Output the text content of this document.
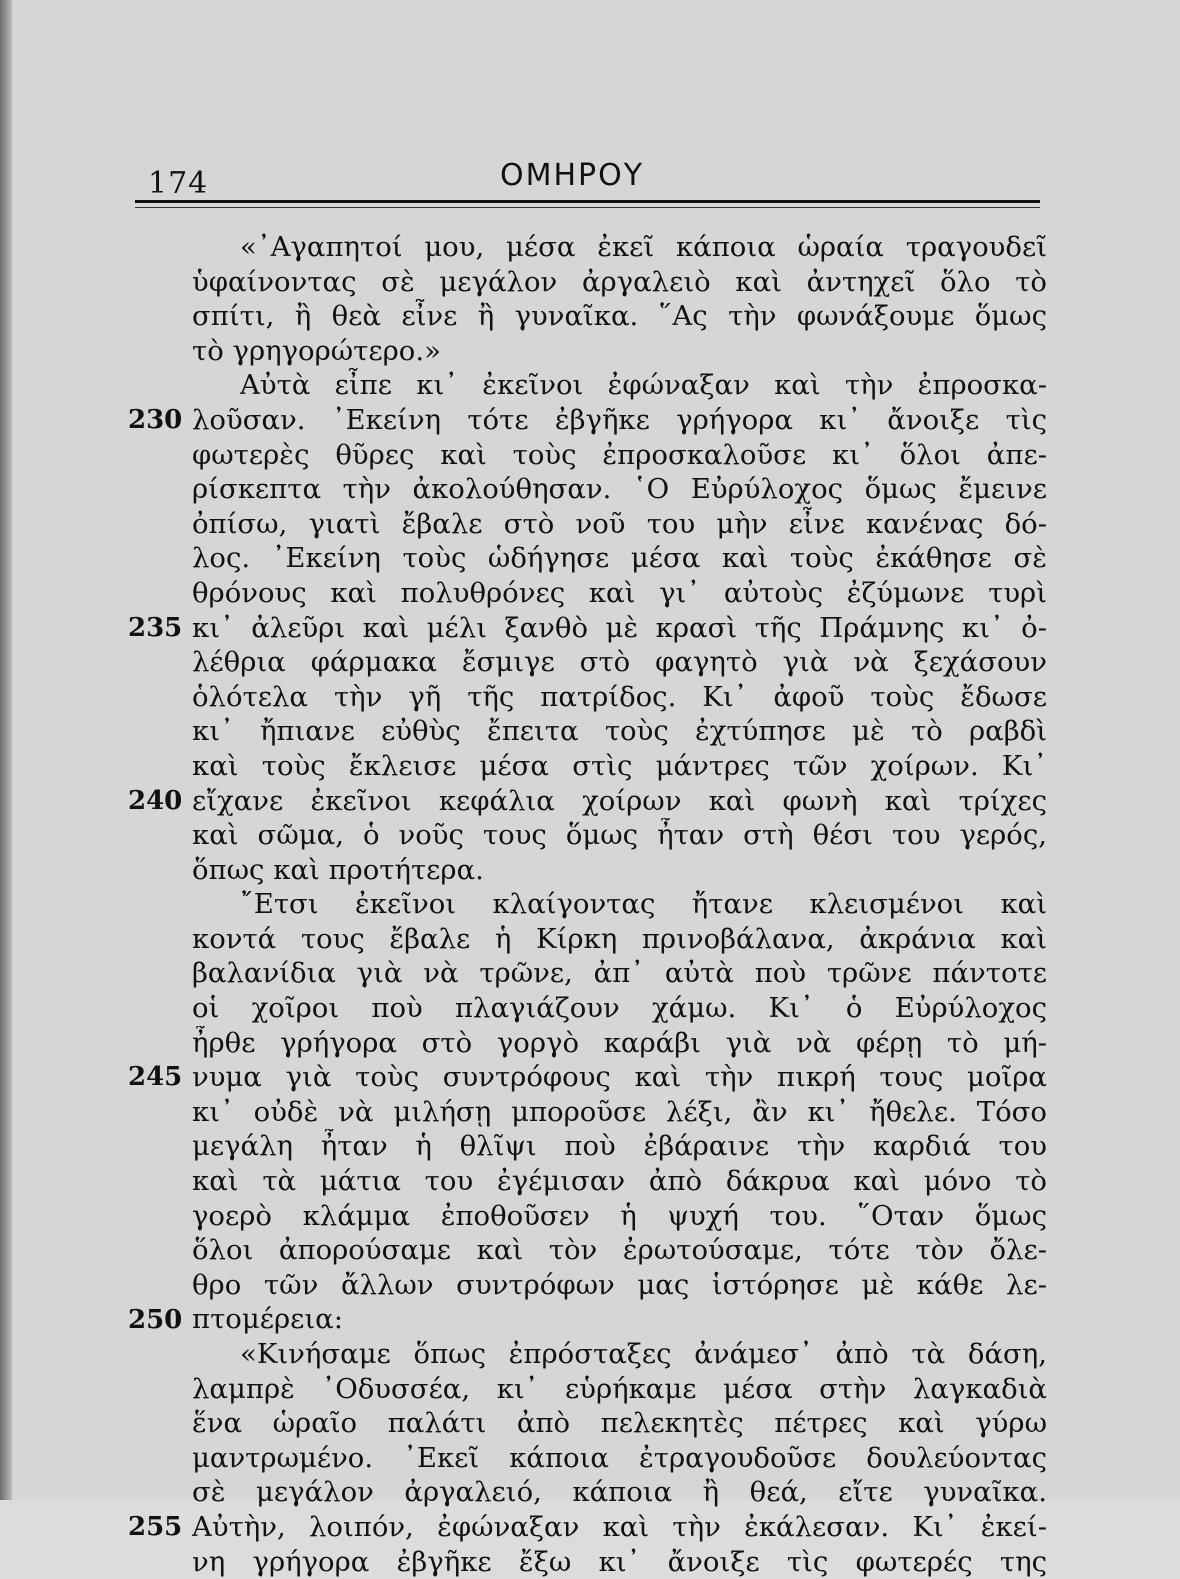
174	ΟΜΗΡΟΥ
230
235
240
245
250
255
«᾿Αγαπητοί μου, μέσα ἐκεῖ κάποια ὡραία τραγουδεῖ
ὑφαίνοντας σὲ μεγάλον ἀργαλειὸ καὶ ἀντηχεῖ ὅλο τὸ
σπίτι, ἢ θεὰ εἶνε ἢ γυναῖκα. ῞Ας τὴν φωνάξουμε ὅμως
τὸ γρηγορώτερο.»
Αὐτὰ εἶπε κι᾿ ἐκεῖνοι ἐφώναξαν καὶ τὴν ἐπροσκα-
λοῦσαν. ᾿Εκείνη τότε ἐβγῆκε γρήγορα κι᾿ ἄνοιξε τὶς
φωτερὲς θῦρες καὶ τοὺς ἐπροσκαλοῦσε κι᾿ ὅλοι ἀπε-
ρίσκεπτα τὴν ἀκολούθησαν. ῾Ο Εὐρύλοχος ὅμως ἔμεινε
ὀπίσω, γιατὶ ἔβαλε στὸ νοῦ του μὴν εἶνε κανένας δό-
λος. ᾿Εκείνη τοὺς ὡδήγησε μέσα καὶ τοὺς ἐκάθησε σὲ
θρόνους καὶ πολυθρόνες καὶ γι᾿ αὐτοὺς ἐζύμωνε τυρὶ
κι᾿ ἀλεῦρι καὶ μέλι ξανθὸ μὲ κρασὶ τῆς Πράμνης κι᾿ ὀ-
λέθρια φάρμακα ἔσμιγε στὸ φαγητὸ γιὰ νὰ ξεχάσουν
ὁλότελα τὴν γῆ τῆς πατρίδος. Κι᾿ ἀφοῦ τοὺς ἔδωσε
κι᾿ ἤπιανε εὐθὺς ἔπειτα τοὺς ἐχτύπησε μὲ τὸ ραβδὶ
καὶ τοὺς ἔκλεισε μέσα στὶς μάντρες τῶν χοίρων. Κι᾿
εἴχανε ἐκεῖνοι κεφάλια χοίρων καὶ φωνὴ καὶ τρίχες
καὶ σῶμα, ὁ νοῦς τους ὅμως ἦταν στὴ θέσι του γερός,
ὅπως καὶ προτήτερα.
῎Ετσι ἐκεῖνοι κλαίγοντας ἤτανε κλεισμένοι καὶ
κοντά τους ἔβαλε ἡ Κίρκη πρινοβάλανα, ἀκράνια καὶ
βαλανίδια γιὰ νὰ τρῶνε, ἀπ᾿ αὐτὰ ποὺ τρῶνε πάντοτε
οἱ χοῖροι ποὺ πλαγιάζουν χάμω. Κι᾿ ὁ Εὐρύλοχος
ἦρθε γρήγορα στὸ γοργὸ καράβι γιὰ νὰ φέρῃ τὸ μή-
νυμα γιὰ τοὺς συντρόφους καὶ τὴν πικρή τους μοῖρα
κι᾿ οὐδὲ νὰ μιλήσῃ μποροῦσε λέξι, ἂν κι᾿ ἤθελε. Τόσο
μεγάλη ἦταν ἡ θλῖψι ποὺ ἐβάραινε τὴν καρδιά του
καὶ τὰ μάτια του ἐγέμισαν ἀπὸ δάκρυα καὶ μόνο τὸ
γοερὸ κλάμμα ἐποθοῦσεν ἡ ψυχή του. ῞Οταν ὅμως
ὅλοι ἀπορούσαμε καὶ τὸν ἐρωτούσαμε, τότε τὸν ὄλε-
θρο τῶν ἄλλων συντρόφων μας ἱστόρησε μὲ κάθε λε-
πτομέρεια:
«Κινήσαμε ὅπως ἐπρόσταξες ἀνάμεσ᾿ ἀπὸ τὰ δάση,
λαμπρὲ ᾿Οδυσσέα, κι᾿ εὑρήκαμε μέσα στὴν λαγκαδιὰ
ἕνα ὡραῖο παλάτι ἀπὸ πελεκητὲς πέτρες καὶ γύρω
μαντρωμένο. ᾿Εκεῖ κάποια ἐτραγουδοῦσε δουλεύοντας
σὲ μεγάλον ἀργαλειό, κάποια ἢ θεά, εἴτε γυναῖκα.
Αὐτὴν, λοιπόν, ἐφώναξαν καὶ τὴν ἐκάλεσαν. Κι᾿ ἐκεί-
νη γρήγορα ἐβγῆκε ἔξω κι᾿ ἄνοιξε τὶς φωτερές της
